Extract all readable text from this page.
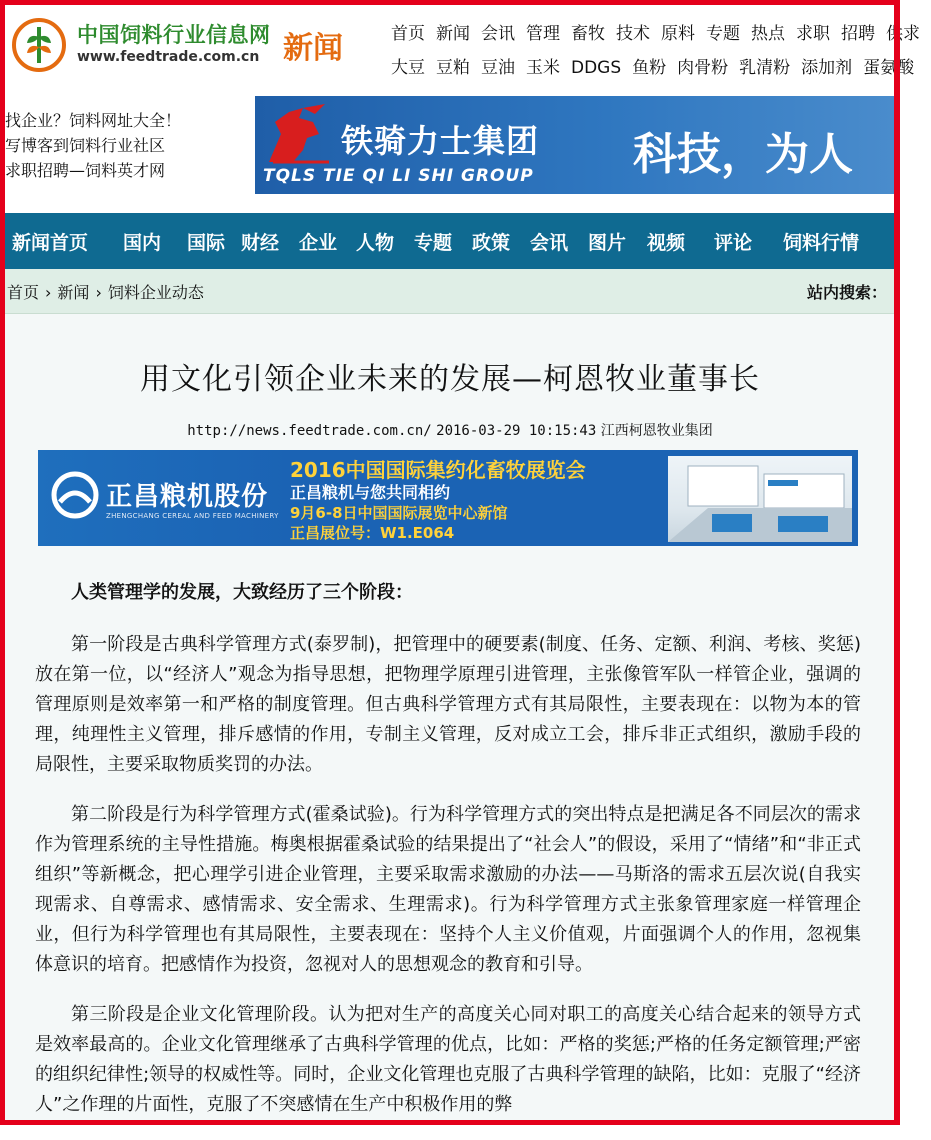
中国饲料行业信息网
www.feedtrade.com.cn 新闻	首页 新闻 会讯 管理 畜牧 技术 原料 专题 热点 求职 招聘 供求
大豆 豆粕 豆油 玉米 DDGS 鱼粉 肉骨粉 乳清粉 添加剂 蛋氨酸
找企业？饲料网址大全！
写博客到饲料行业社区
求职招聘—饲料英才网
铁骑力士集团
TQLS TIE QI LI SHI GROUP 科技，为人
新闻首页 国内 国际 财经 企业 人物 专题 政策 会讯 图片 视频 评论 饲料行情
首页 › 新闻 › 饲料企业动态	站内搜索：
用文化引领企业未来的发展—柯恩牧业董事长
http://news.feedtrade.com.cn/ 2016-03-29 10:15:43 江西柯恩牧业集团
正昌粮机股份
ZHENGCHANG CEREAL AND FEED MACHINERY
2016中国国际集约化畜牧展览会
正昌粮机与您共同相约
9月6-8日中国国际展览中心新馆
正昌展位号：W1.E064

人类管理学的发展，大致经历了三个阶段：

第一阶段是古典科学管理方式(泰罗制)，把管理中的硬要素(制度、任务、定额、利润、考核、奖惩)放在第一位，以“经济人”观念为指导思想，把物理学原理引进管理，主张像管军队一样管企业，强调的管理原则是效率第一和严格的制度管理。但古典科学管理方式有其局限性，主要表现在：以物为本的管理，纯理性主义管理，排斥感情的作用，专制主义管理，反对成立工会，排斥非正式组织，激励手段的局限性，主要采取物质奖罚的办法。

第二阶段是行为科学管理方式(霍桑试验)。行为科学管理方式的突出特点是把满足各不同层次的需求作为管理系统的主导性措施。梅奥根据霍桑试验的结果提出了“社会人”的假设，采用了“情绪”和“非正式组织”等新概念，把心理学引进企业管理，主要采取需求激励的办法——马斯洛的需求五层次说(自我实现需求、自尊需求、感情需求、安全需求、生理需求)。行为科学管理方式主张象管理家庭一样管理企业，但行为科学管理也有其局限性，主要表现在：坚持个人主义价值观，片面强调个人的作用，忽视集体意识的培育。把感情作为投资，忽视对人的思想观念的教育和引导。

第三阶段是企业文化管理阶段。认为把对生产的高度关心同对职工的高度关心结合起来的领导方式是效率最高的。企业文化管理继承了古典科学管理的优点，比如：严格的奖惩;严格的任务定额管理;严密的组织纪律性;领导的权威性等。同时，企业文化管理也克服了古典科学管理的缺陷，比如：克服了“经济人”之作理的片面性，克服了不突感情在生产中积极作用的弊
